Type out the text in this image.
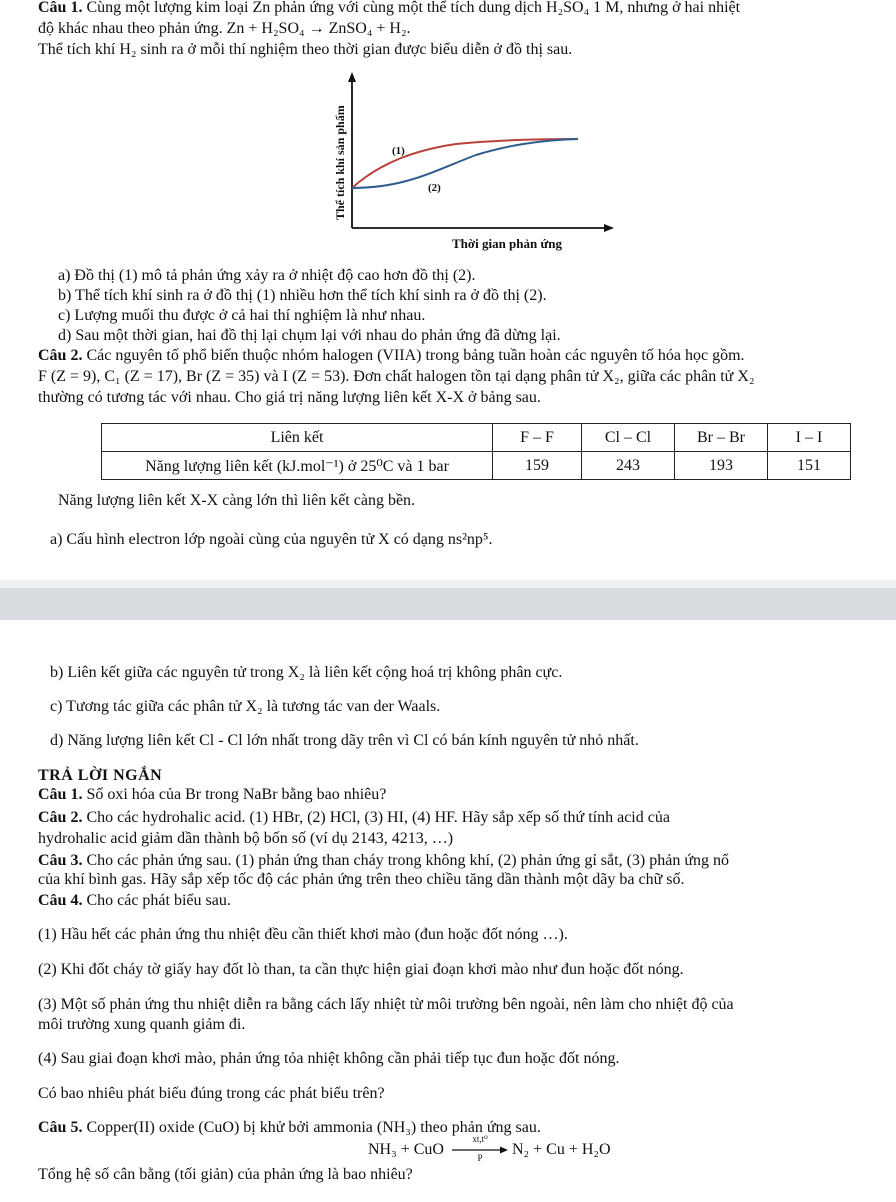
Câu 1. Cùng một lượng kim loại Zn phản ứng với cùng một thể tích dung dịch H₂SO₄ 1 M, nhưng ở hai nhiệt
độ khác nhau theo phản ứng. Zn + H₂SO₄ → ZnSO₄ + H₂.
Thể tích khí H₂ sinh ra ở mỗi thí nghiệm theo thời gian được biểu diễn ở đồ thị sau.
Thể tích khí sản phẩm
Thời gian phản ứng
(1)
(2)
a) Đồ thị (1) mô tả phản ứng xảy ra ở nhiệt độ cao hơn đồ thị (2).
b) Thể tích khí sinh ra ở đồ thị (1) nhiều hơn thể tích khí sinh ra ở đồ thị (2).
c) Lượng muối thu được ở cả hai thí nghiệm là như nhau.
d) Sau một thời gian, hai đồ thị lại chụm lại với nhau do phản ứng đã dừng lại.
Câu 2. Các nguyên tố phổ biến thuộc nhóm halogen (VIIA) trong bảng tuần hoàn các nguyên tố hóa học gồm.
F (Z = 9), C₁ (Z = 17), Br (Z = 35) và I (Z = 53). Đơn chất halogen tồn tại dạng phân tử X₂, giữa các phân tử X₂
thường có tương tác với nhau. Cho giá trị năng lượng liên kết X-X ở bảng sau.
Liên kết	F – F	Cl – Cl	Br – Br	I – I
Năng lượng liên kết (kJ.mol⁻¹) ở 25⁰C và 1 bar	159	243	193	151
Năng lượng liên kết X-X càng lớn thì liên kết càng bền.
a) Cấu hình electron lớp ngoài cùng của nguyên tử X có dạng ns²np⁵.
b) Liên kết giữa các nguyên tử trong X₂ là liên kết cộng hoá trị không phân cực.
c) Tương tác giữa các phân tử X₂ là tương tác van der Waals.
d) Năng lượng liên kết Cl - Cl lớn nhất trong dãy trên vì Cl có bán kính nguyên tử nhỏ nhất.
TRẢ LỜI NGẮN
Câu 1. Số oxi hóa của Br trong NaBr bằng bao nhiêu?
Câu 2. Cho các hydrohalic acid. (1) HBr, (2) HCl, (3) HI, (4) HF. Hãy sắp xếp số thứ tính acid của
hydrohalic acid giảm dần thành bộ bốn số (ví dụ 2143, 4213, …)
Câu 3. Cho các phản ứng sau. (1) phản ứng than cháy trong không khí, (2) phản ứng gỉ sắt, (3) phản ứng nổ
của khí bình gas. Hãy sắp xếp tốc độ các phản ứng trên theo chiều tăng dần thành một dãy ba chữ số.
Câu 4. Cho các phát biểu sau.
(1) Hầu hết các phản ứng thu nhiệt đều cần thiết khơi mào (đun hoặc đốt nóng …).
(2) Khi đốt cháy tờ giấy hay đốt lò than, ta cần thực hiện giai đoạn khơi mào như đun hoặc đốt nóng.
(3) Một số phản ứng thu nhiệt diễn ra bằng cách lấy nhiệt từ môi trường bên ngoài, nên làm cho nhiệt độ của
môi trường xung quanh giảm đi.
(4) Sau giai đoạn khơi mào, phản ứng tỏa nhiệt không cần phải tiếp tục đun hoặc đốt nóng.
Có bao nhiêu phát biểu đúng trong các phát biểu trên?
Câu 5. Copper(II) oxide (CuO) bị khử bởi ammonia (NH₃) theo phản ứng sau.
NH₃ + CuO
xt,t⁰
P	N₂ + Cu + H₂O
Tổng hệ số cân bằng (tối giản) của phản ứng là bao nhiêu?
